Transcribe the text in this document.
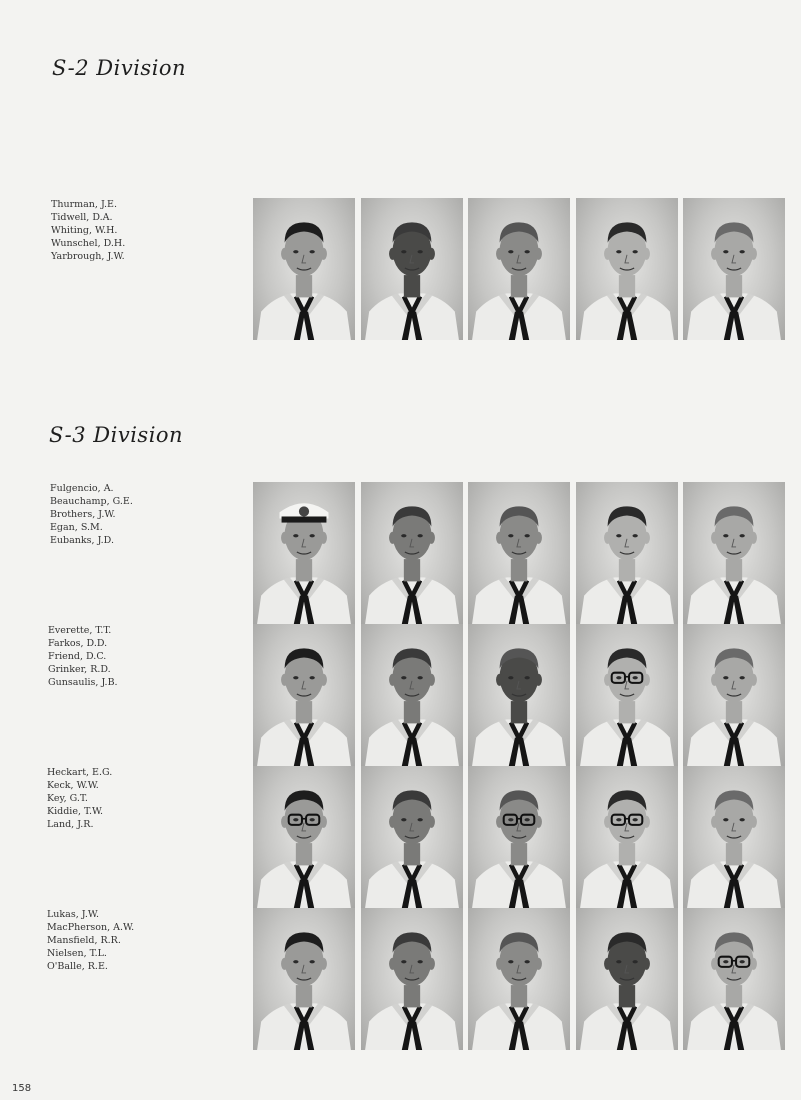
S-2 Division
S-3 Division
Thurman, J.E.
Tidwell, D.A.
Whiting, W.H.
Wunschel, D.H.
Yarbrough, J.W.
Fulgencio, A.
Beauchamp, G.E.
Brothers, J.W.
Egan, S.M.
Eubanks, J.D.
Everette, T.T.
Farkos, D.D.
Friend, D.C.
Grinker, R.D.
Gunsaulis, J.B.
Heckart, E.G.
Keck, W.W.
Key, G.T.
Kiddie, T.W.
Land, J.R.
Lukas, J.W.
MacPherson, A.W.
Mansfield, R.R.
Nielsen, T.L.
O'Balle, R.E.
158
